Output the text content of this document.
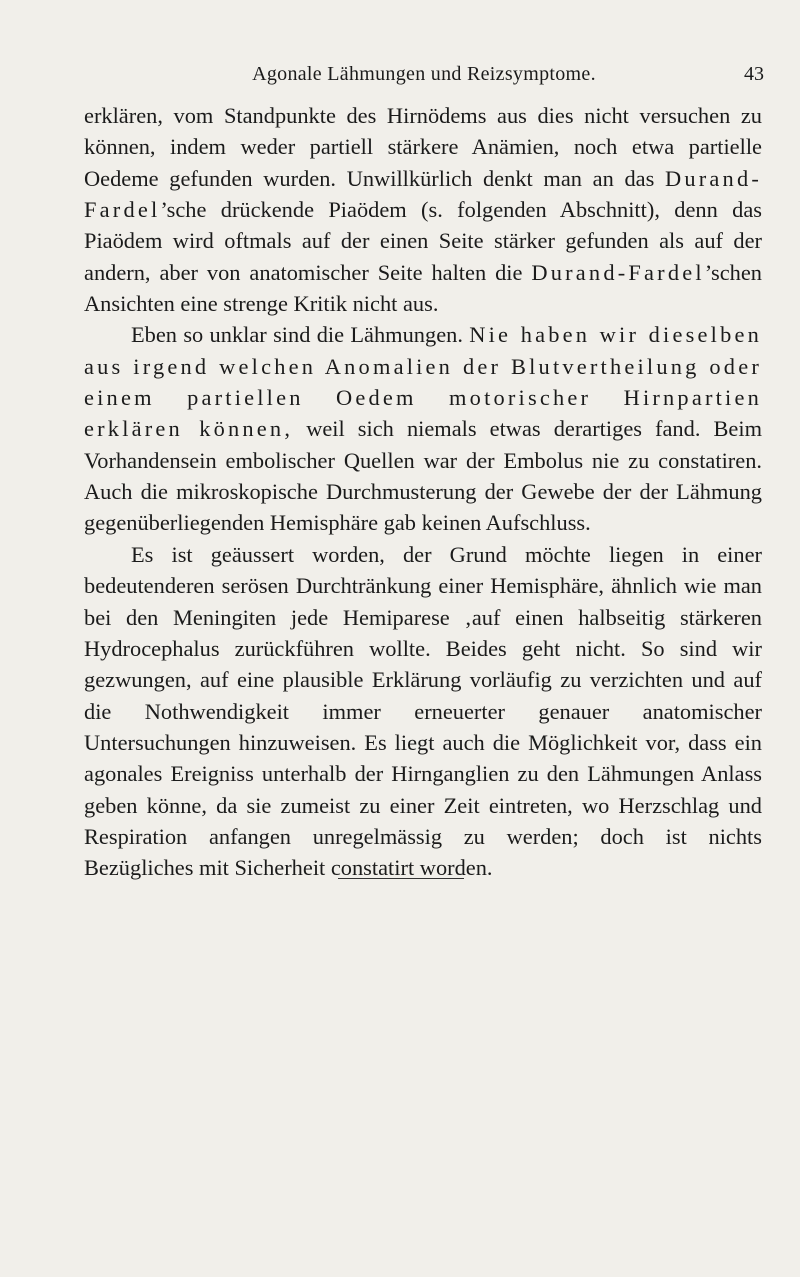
Agonale Lähmungen und Reizsymptome.	43

erklären, vom Standpunkte des Hirnödems aus dies nicht versuchen zu können, indem weder partiell stärkere Anämien, noch etwa partielle Oedeme gefunden wurden. Unwillkürlich denkt man an das Durand-Fardel’sche drückende Piaödem (s. folgenden Abschnitt), denn das Piaödem wird oftmals auf der einen Seite stärker gefunden als auf der andern, aber von anatomischer Seite halten die Durand-Fardel’schen Ansichten eine strenge Kritik nicht aus.

Eben so unklar sind die Lähmungen. Nie haben wir dieselben aus irgend welchen Anomalien der Blutvertheilung oder einem partiellen Oedem motorischer Hirnpartien erklären können, weil sich niemals etwas derartiges fand. Beim Vorhandensein embolischer Quellen war der Embolus nie zu constatiren. Auch die mikroskopische Durchmusterung der Gewebe der der Lähmung gegenüberliegenden Hemisphäre gab keinen Aufschluss.

Es ist geäussert worden, der Grund möchte liegen in einer bedeutenderen serösen Durchtränkung einer Hemisphäre, ähnlich wie man bei den Meningiten jede Hemiparese ‚auf einen halbseitig stärkeren Hydrocephalus zurückführen wollte. Beides geht nicht. So sind wir gezwungen, auf eine plausible Erklärung vorläufig zu verzichten und auf die Nothwendigkeit immer erneuerter genauer anatomischer Untersuchungen hinzuweisen. Es liegt auch die Möglichkeit vor, dass ein agonales Ereigniss unterhalb der Hirnganglien zu den Lähmungen Anlass geben könne, da sie zumeist zu einer Zeit eintreten, wo Herzschlag und Respiration anfangen unregelmässig zu werden; doch ist nichts Bezügliches mit Sicherheit constatirt worden.
